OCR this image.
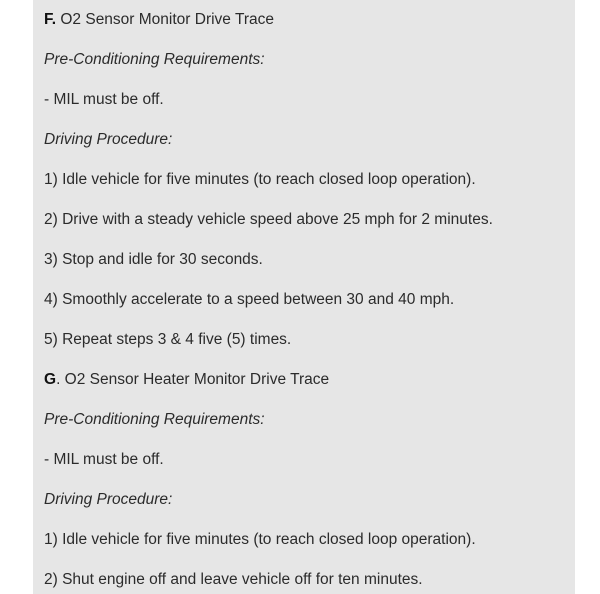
F. O2 Sensor Monitor Drive Trace

Pre-Conditioning Requirements:

- MIL must be off.

Driving Procedure:

1) Idle vehicle for five minutes (to reach closed loop operation).

2) Drive with a steady vehicle speed above 25 mph for 2 minutes.

3) Stop and idle for 30 seconds.

4) Smoothly accelerate to a speed between 30 and 40 mph.

5) Repeat steps 3 & 4 five (5) times.

G. O2 Sensor Heater Monitor Drive Trace

Pre-Conditioning Requirements:

- MIL must be off.

Driving Procedure:

1) Idle vehicle for five minutes (to reach closed loop operation).

2) Shut engine off and leave vehicle off for ten minutes.
